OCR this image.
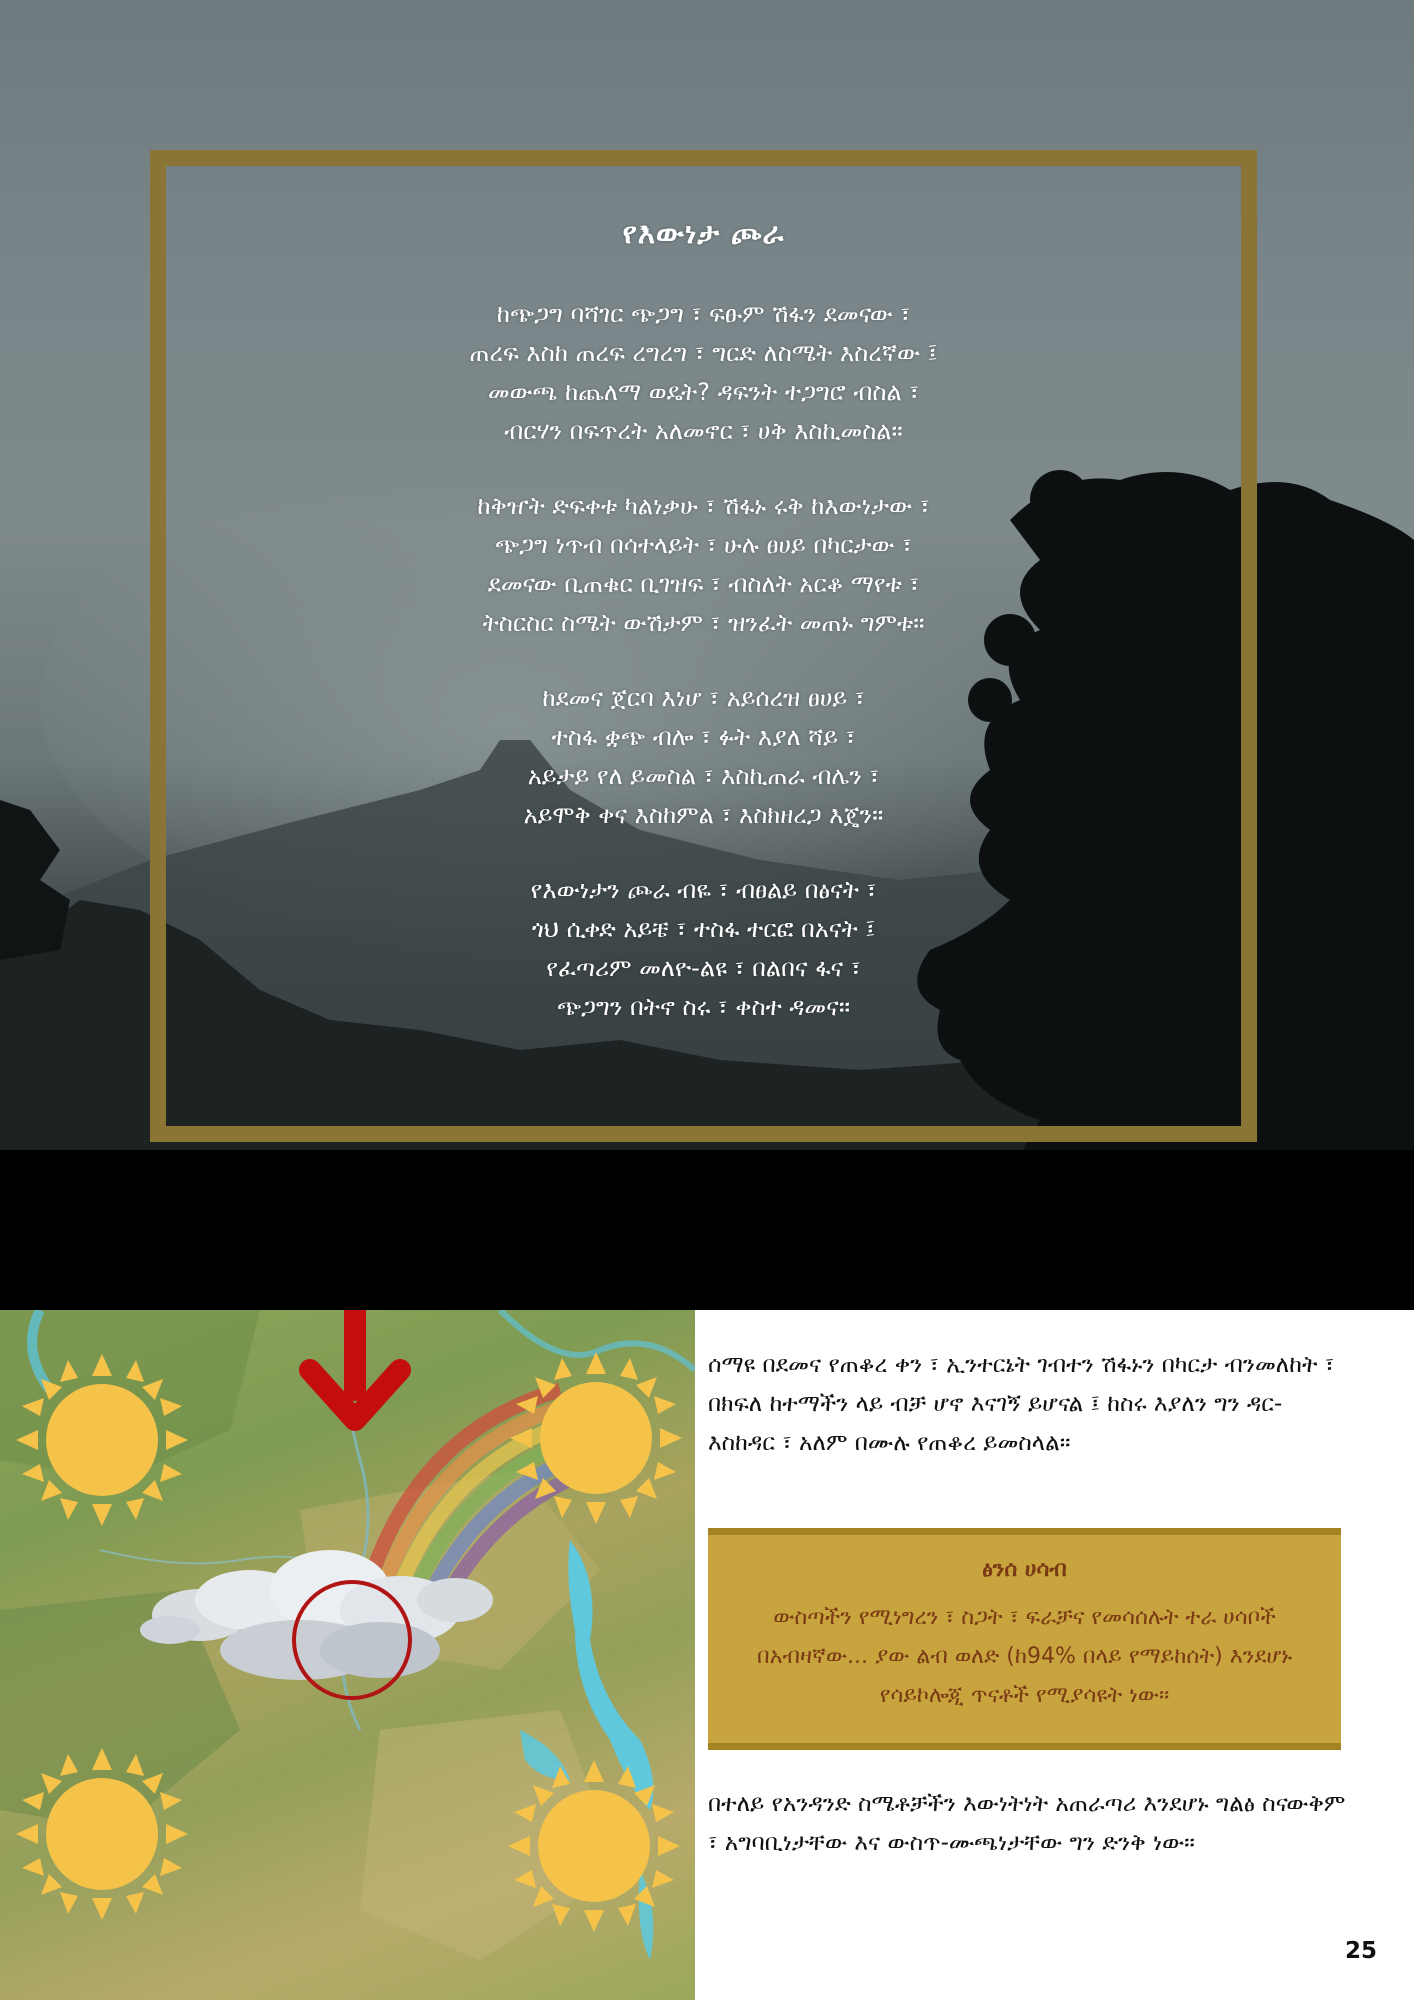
የእውነታ ጮራ
ከጭጋግ ባሻገር ጭጋግ ፣ ፍፁም ሽፋን ደመናው ፣
ጠረፍ እስከ ጠረፍ ረግረግ ፣ ግርድ ለስሜት እስረኛው ፤
መውጫ ከጨለማ ወዴት? ዳፍንት ተጋግሮ ብስል ፣
ብርሃን በፍጥረት አለመኖር ፣ ሀቅ እስኪመስል።
ከቅዠት ድፍቀቱ ካልነቃሁ ፣ ሽፋኑ ሩቅ ከእውነታው ፣
ጭጋግ ነጥብ በሳተላይት ፣ ሁሉ ፀሀይ በካርታው ፣
ደመናው ቢጠቁር ቢገዝፍ ፣ ብስለት አርቆ ማየቱ ፣
ትስርስር ስሜት ውሽታም ፣ ዝንፈት መጠኑ ግምቱ።
ከደመና ጀርባ እነሆ ፣ አይሰረዝ ፀሀይ ፣
ተስፋ ቋጭ ብሎ ፣ ፉት እያለ ሻይ ፣
አይታይ የለ ይመስል ፣ እስኪጠራ ብሌን ፣
አይሞቅ ቀና እስከምል ፣ እስክዘረጋ እጄን።
የእውነታን ጮራ ብዬ ፣ ብፀልይ በፅናት ፣
ጎህ ሲቀድ አይቼ ፣ ተስፋ ተርፎ በአናት ፤
የፈጣሪም መለዮ-ልዩ ፣ በልበና ፋና ፣
ጭጋግን በትኖ ስሩ ፣ ቀስተ ዳመና።
ሰማዩ በደመና የጠቆረ ቀን ፣ ኢንተርኔት ገብተን ሽፋኑን በካርታ ብንመለከት ፣ በክፍለ ከተማችን ላይ ብቻ ሆኖ እናገኝ ይሆናል ፤ ከስሩ እያለን ግን ዳር-እስከዳር ፣ አለም በሙሉ የጠቆረ ይመስላል።
ፅንሰ ሀሳብ
ውስጣችን የሚነግረን ፣ ስጋት ፣ ፍራቻና የመሳሰሉት ተራ ሀሳቦች በአብዛኛው... ያው ልብ ወለድ (ከ94% በላይ የማይከሰት) እንደሆኑ የሳይኮሎጂ ጥናቶች የሚያሳዩት ነው።
በተለይ የአንዳንድ ስሜቶቻችን እውነትነት አጠራጣሪ እንደሆኑ ግልፅ ስናውቅም ፣ አግባቢነታቸው እና ውስጥ-ሙጫነታቸው ግን ድንቅ ነው።
25
